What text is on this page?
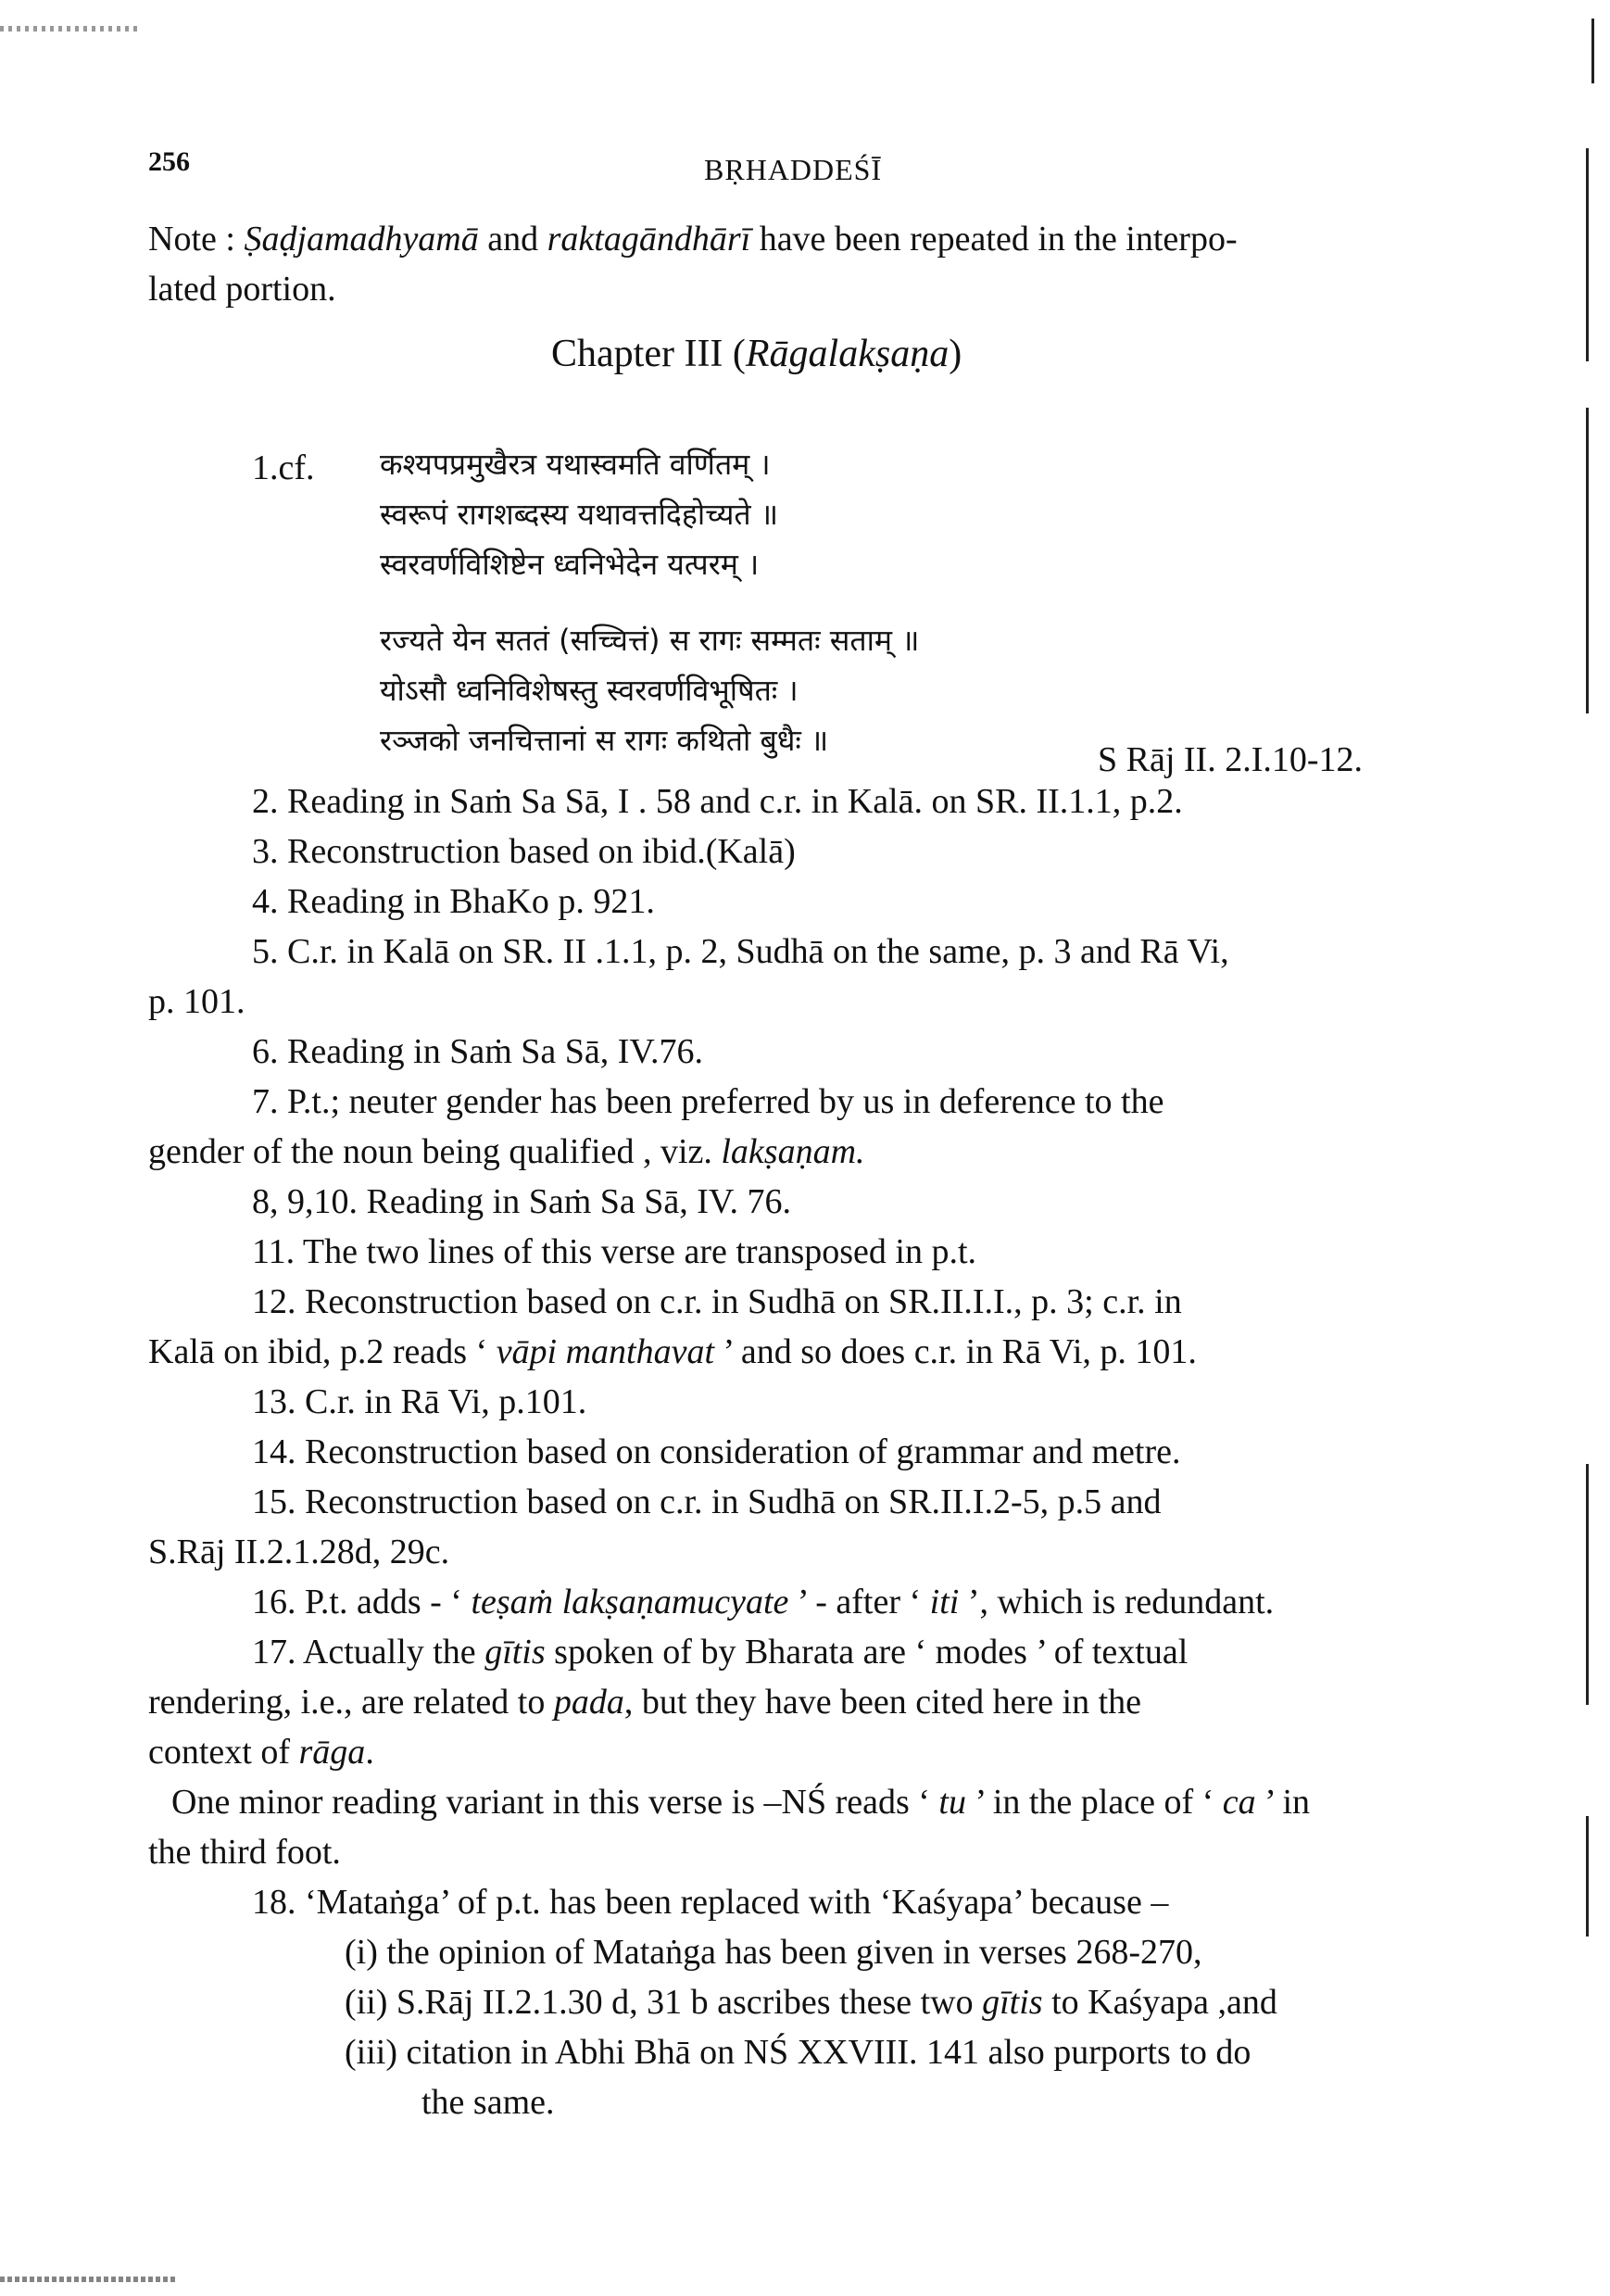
256	BṚHADDEŚĪ
Note : Ṣaḍjamadhyamā and raktagāndhārī have been repeated in the interpo-
lated portion.
Chapter III (Rāgalakṣaṇa)
1.cf. कश्यपप्रमुखैरत्र यथास्वमति वर्णितम् ।
स्वरूपं रागशब्दस्य यथावत्तदिहोच्यते ॥
स्वरवर्णविशिष्टेन ध्वनिभेदेन यत्परम् ।
रज्यते येन सततं (सच्चित्तं) स रागः सम्मतः सताम् ॥
योऽसौ ध्वनिविशेषस्तु स्वरवर्णविभूषितः ।
रञ्जको जनचित्तानां स रागः कथितो बुधैः ॥	S Rāj II. 2.I.10-12.
2. Reading in Saṁ Sa Sā, I . 58 and c.r. in Kalā. on SR. II.1.1, p.2.
3. Reconstruction based on ibid.(Kalā)
4. Reading in BhaKo p. 921.
5. C.r. in Kalā on SR. II .1.1, p. 2, Sudhā on the same, p. 3 and Rā Vi,
p. 101.
6. Reading in Saṁ Sa Sā, IV.76.
7. P.t.; neuter gender has been preferred by us in deference to the
gender of the noun being qualified , viz. lakṣaṇam.
8, 9,10. Reading in Saṁ Sa Sā, IV. 76.
11. The two lines of this verse are transposed in p.t.
12. Reconstruction based on c.r. in Sudhā on SR.II.I.I., p. 3; c.r. in
Kalā on ibid, p.2 reads ‘ vāpi manthavat ’ and so does c.r. in Rā Vi, p. 101.
13. C.r. in Rā Vi, p.101.
14. Reconstruction based on consideration of grammar and metre.
15. Reconstruction based on c.r. in Sudhā on SR.II.I.2-5, p.5 and
S.Rāj II.2.1.28d, 29c.
16. P.t. adds - ‘ teṣaṁ lakṣaṇamucyate ’ - after ‘ iti ’, which is redundant.
17. Actually the gītis spoken of by Bharata are ‘ modes ’ of textual
rendering, i.e., are related to pada, but they have been cited here in the
context of rāga.
One minor reading variant in this verse is –NŚ reads ‘ tu ’ in the place of ‘ ca ’ in
the third foot.
18. ‘Mataṅga’ of p.t. has been replaced with ‘Kaśyapa’ because –
(i) the opinion of Mataṅga has been given in verses 268-270,
(ii) S.Rāj II.2.1.30 d, 31 b ascribes these two gītis to Kaśyapa ,and
(iii) citation in Abhi Bhā on NŚ XXVIII. 141 also purports to do
the same.
